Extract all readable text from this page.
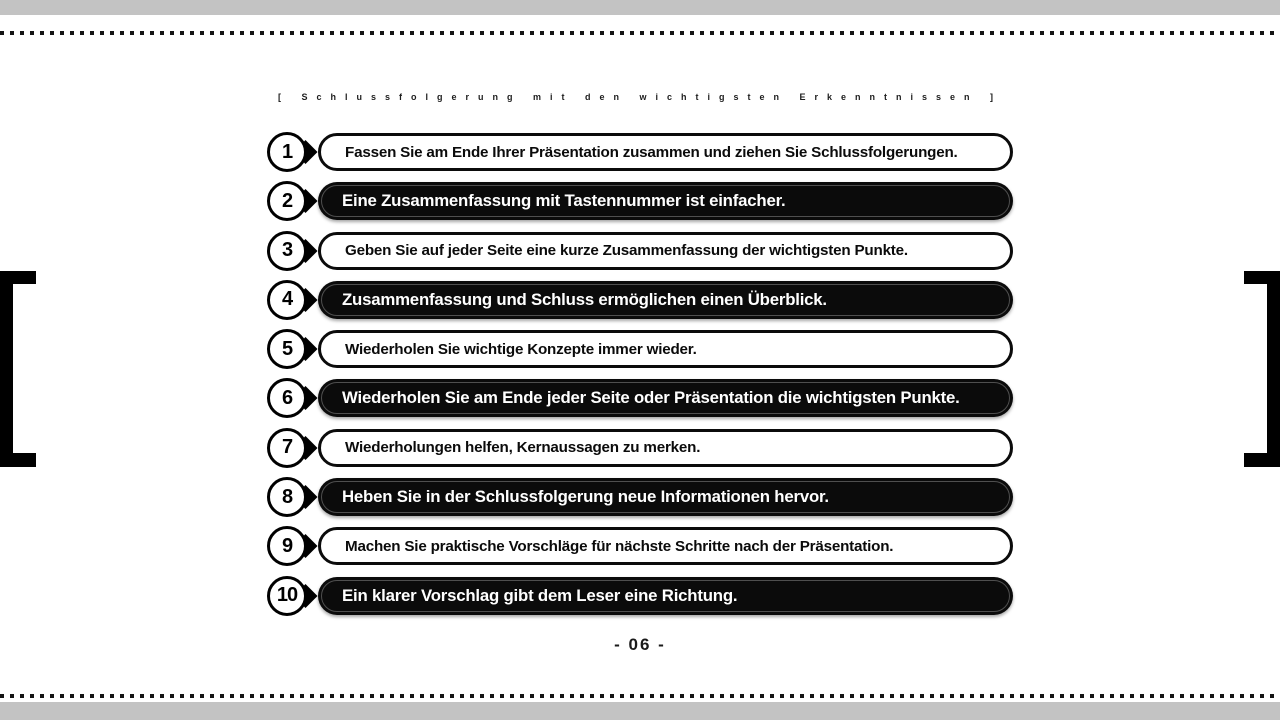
[ Schlussfolgerung mit den wichtigsten Erkenntnissen ]
1	Fassen Sie am Ende Ihrer Präsentation zusammen und ziehen Sie Schlussfolgerungen.
2	Eine Zusammenfassung mit Tastennummer ist einfacher.
3	Geben Sie auf jeder Seite eine kurze Zusammenfassung der wichtigsten Punkte.
4	Zusammenfassung und Schluss ermöglichen einen Überblick.
5	Wiederholen Sie wichtige Konzepte immer wieder.
6	Wiederholen Sie am Ende jeder Seite oder Präsentation die wichtigsten Punkte.
7	Wiederholungen helfen, Kernaussagen zu merken.
8	Heben Sie in der Schlussfolgerung neue Informationen hervor.
9	Machen Sie praktische Vorschläge für nächste Schritte nach der Präsentation.
10	Ein klarer Vorschlag gibt dem Leser eine Richtung.
- 06 -
